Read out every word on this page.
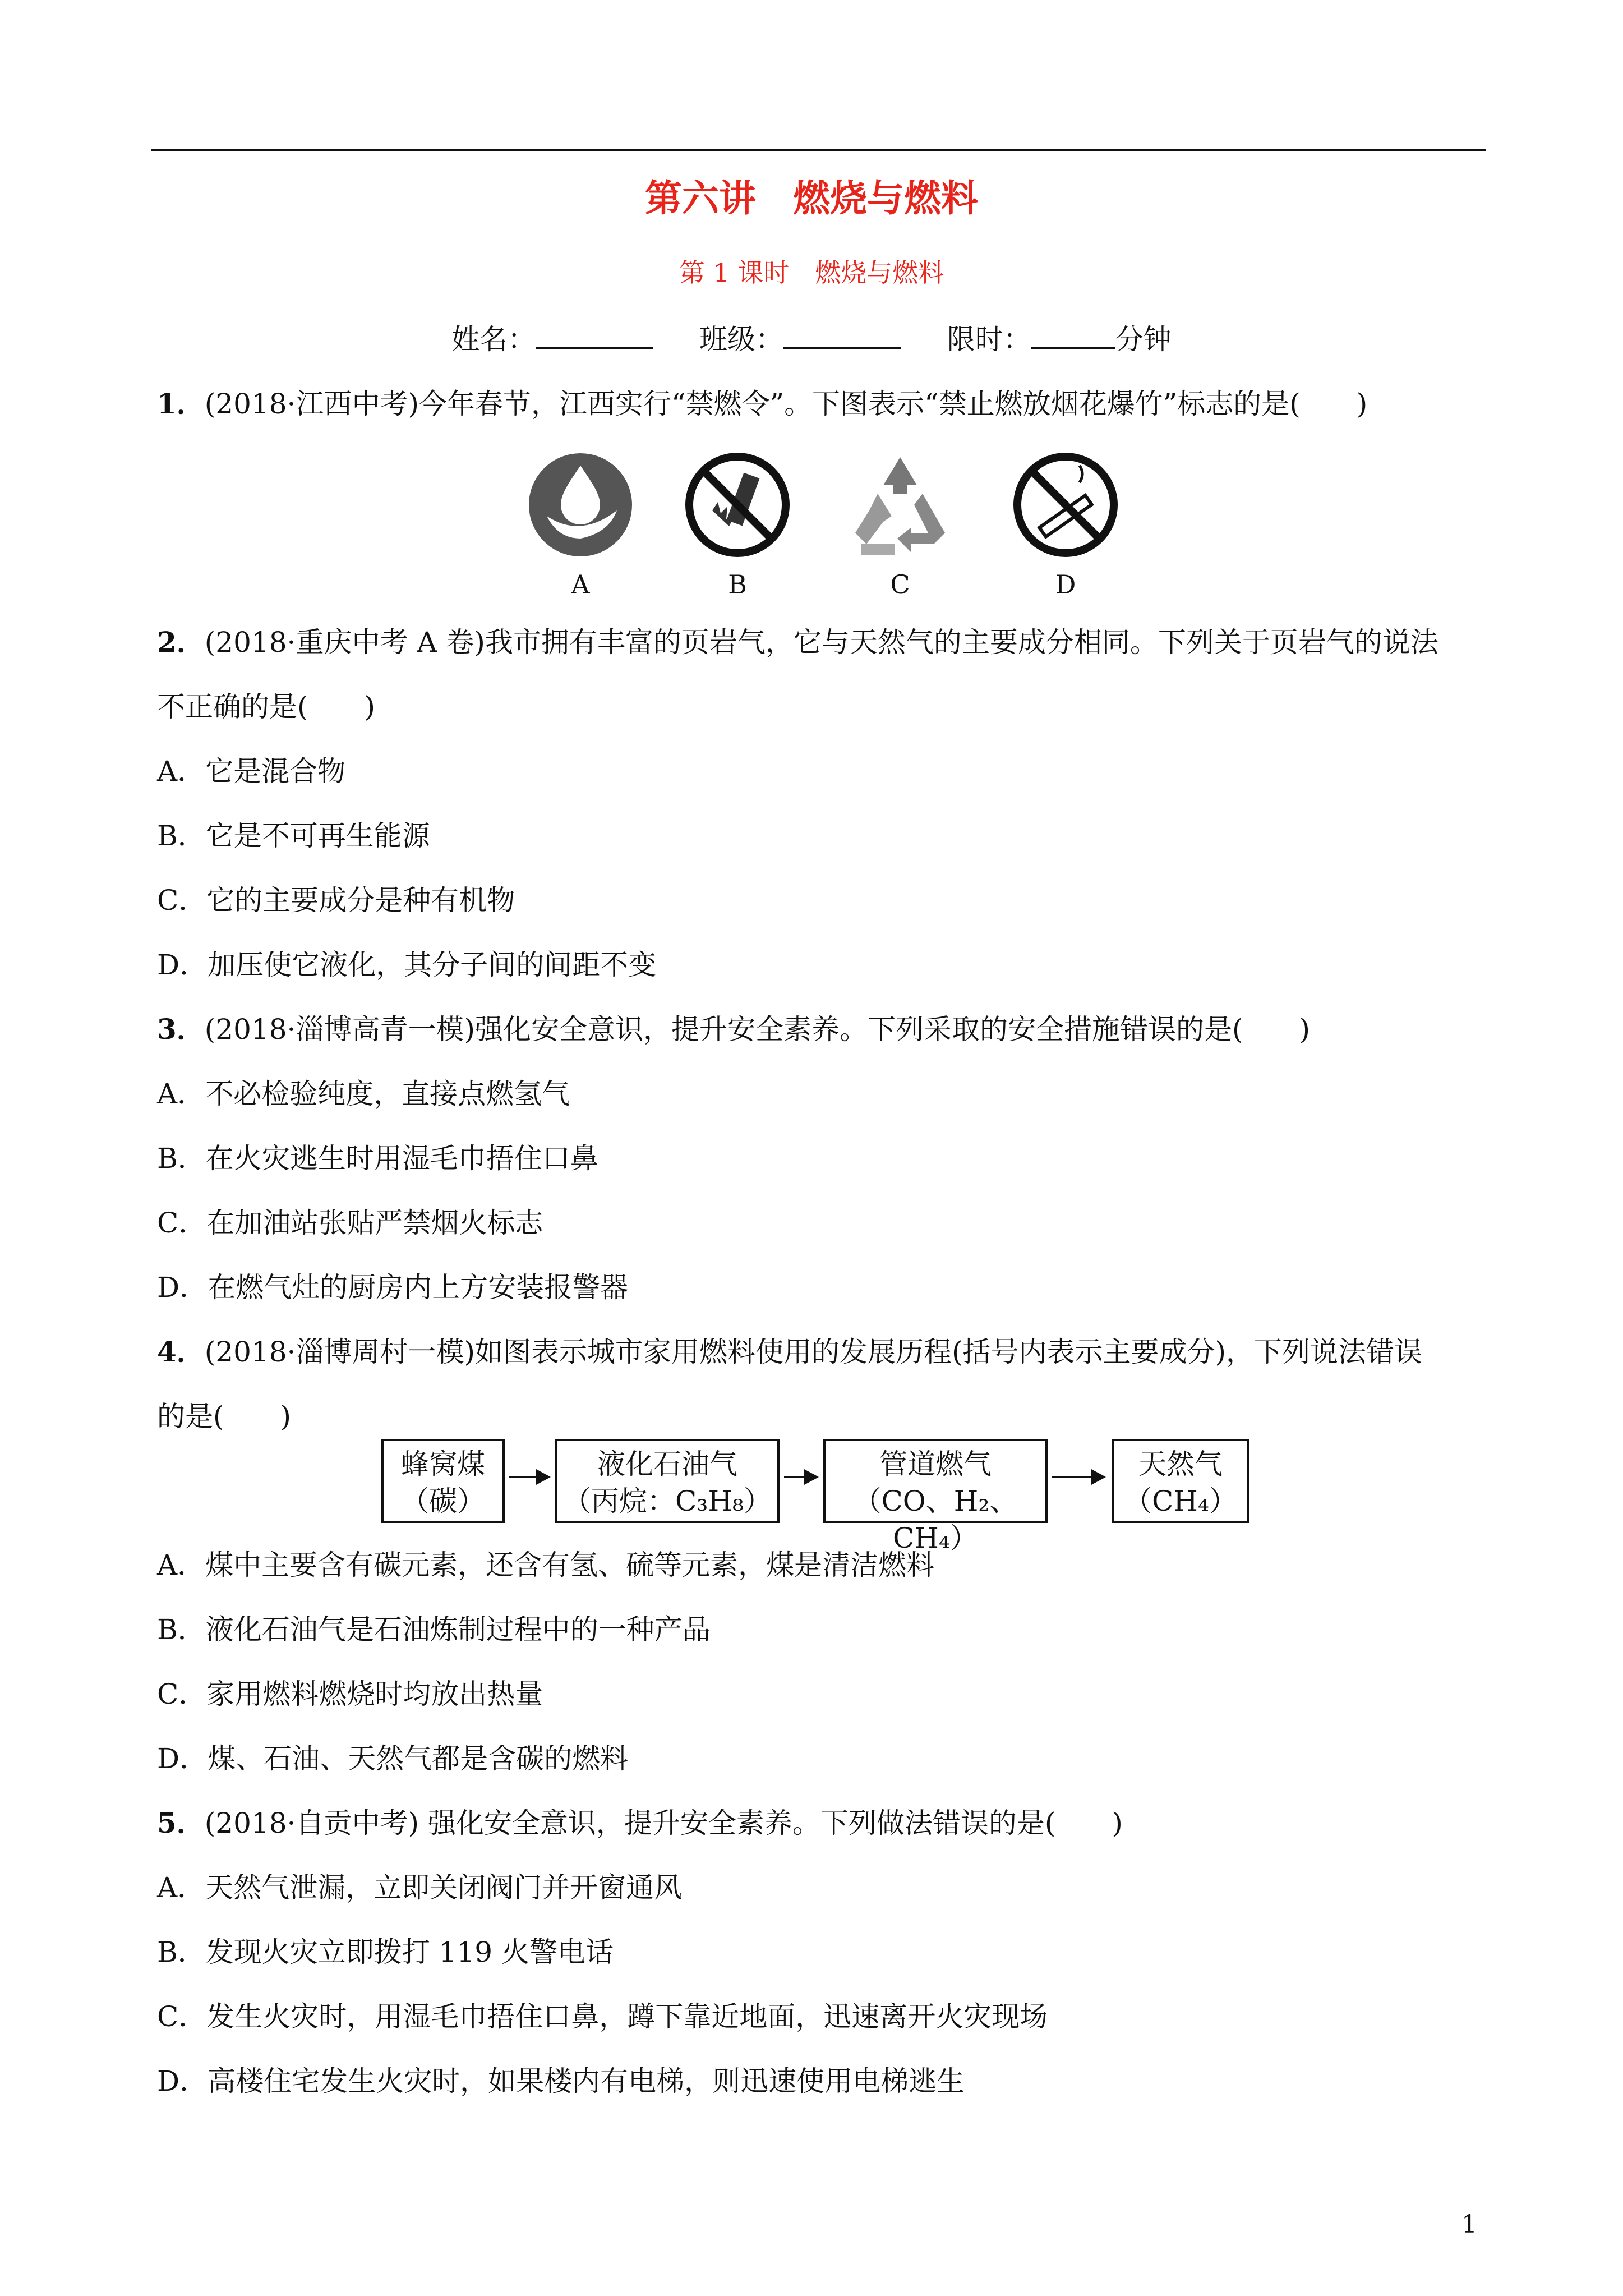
第六讲　燃烧与燃料
第 1 课时　燃烧与燃料
姓名：	班级：	限时：	分钟
1．(2018·江西中考)今年春节，江西实行“禁燃令”。下图表示“禁止燃放烟花爆竹”标志的是(　　)
A	B	C	D
2．(2018·重庆中考 A 卷)我市拥有丰富的页岩气，它与天然气的主要成分相同。下列关于页岩气的说法
不正确的是(　　)
A．它是混合物
B．它是不可再生能源
C．它的主要成分是种有机物
D．加压使它液化，其分子间的间距不变
3．(2018·淄博高青一模)强化安全意识，提升安全素养。下列采取的安全措施错误的是(　　)
A．不必检验纯度，直接点燃氢气
B．在火灾逃生时用湿毛巾捂住口鼻
C．在加油站张贴严禁烟火标志
D．在燃气灶的厨房内上方安装报警器
4．(2018·淄博周村一模)如图表示城市家用燃料使用的发展历程(括号内表示主要成分)，下列说法错误
的是(　　)
蜂窝煤
（碳）
液化石油气
（丙烷：C₃H₈）
管道燃气
（CO、H₂、CH₄）
天然气
（CH₄）
A．煤中主要含有碳元素，还含有氢、硫等元素，煤是清洁燃料
B．液化石油气是石油炼制过程中的一种产品
C．家用燃料燃烧时均放出热量
D．煤、石油、天然气都是含碳的燃料
5．(2018·自贡中考) 强化安全意识，提升安全素养。下列做法错误的是(　　)
A．天然气泄漏，立即关闭阀门并开窗通风
B．发现火灾立即拨打 119 火警电话
C．发生火灾时，用湿毛巾捂住口鼻，蹲下靠近地面，迅速离开火灾现场
D．高楼住宅发生火灾时，如果楼内有电梯，则迅速使用电梯逃生
1
